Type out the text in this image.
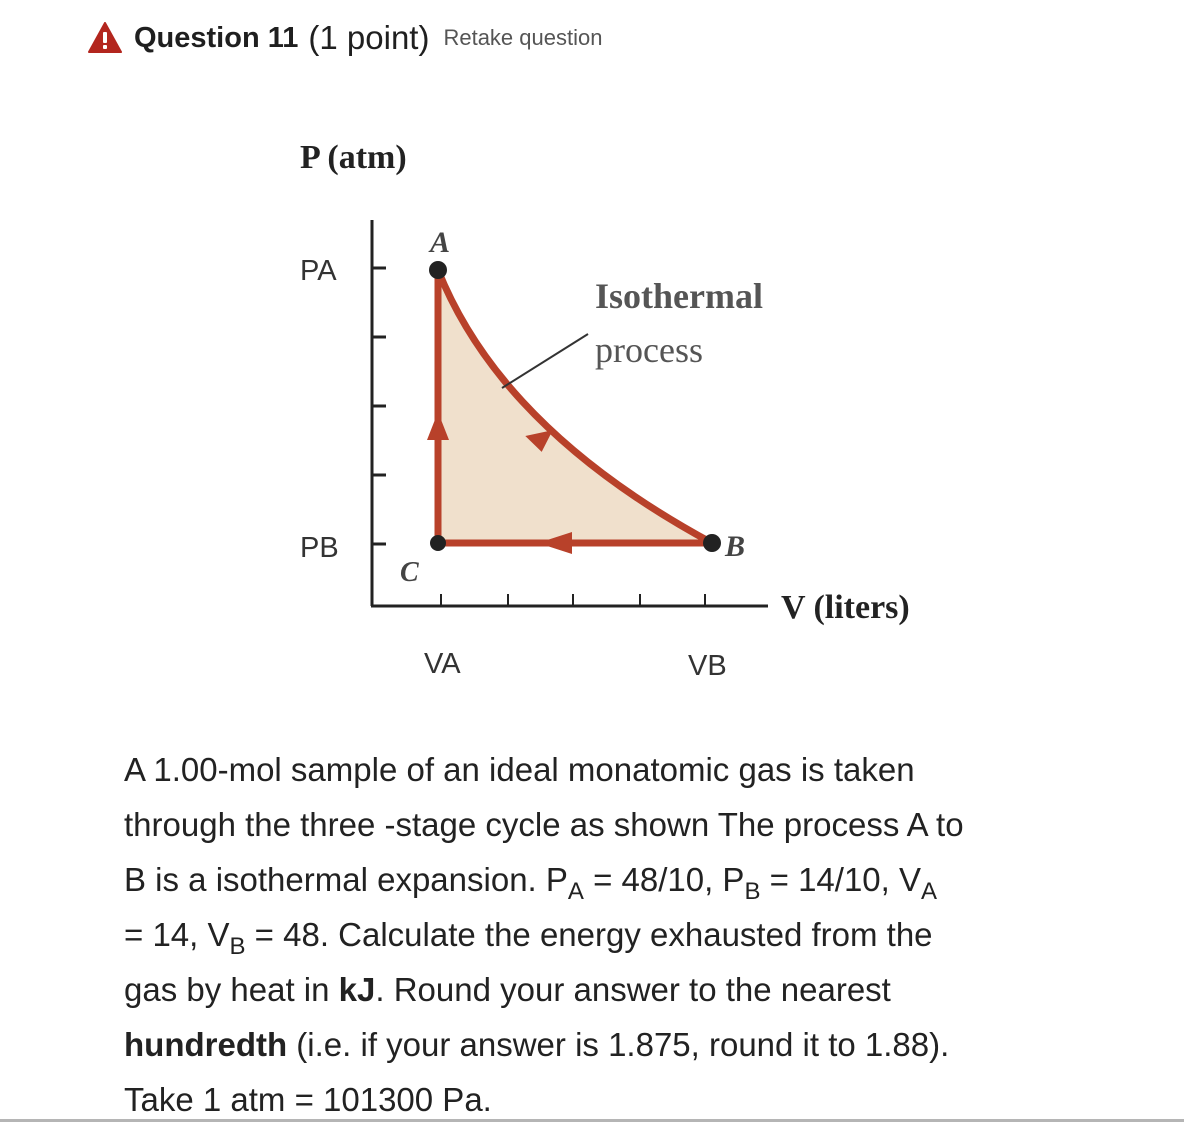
Question 11 (1 point) Retake question
P (atm)
A
B
C
Isothermal
process
PA
PB
VA	VB
V (liters)

A 1.00-mol sample of an ideal monatomic gas is taken

through the three -stage cycle as shown The process A to

B is a isothermal expansion. $P_A = 48/10$, $P_B = 14/10$, $V_A$

= 14, $V_B = 48$. Calculate the energy exhausted from the

gas by heat in kJ. Round your answer to the nearest

hundredth (i.e. if your answer is 1.875, round it to 1.88).

Take 1 atm = 101300 Pa.
